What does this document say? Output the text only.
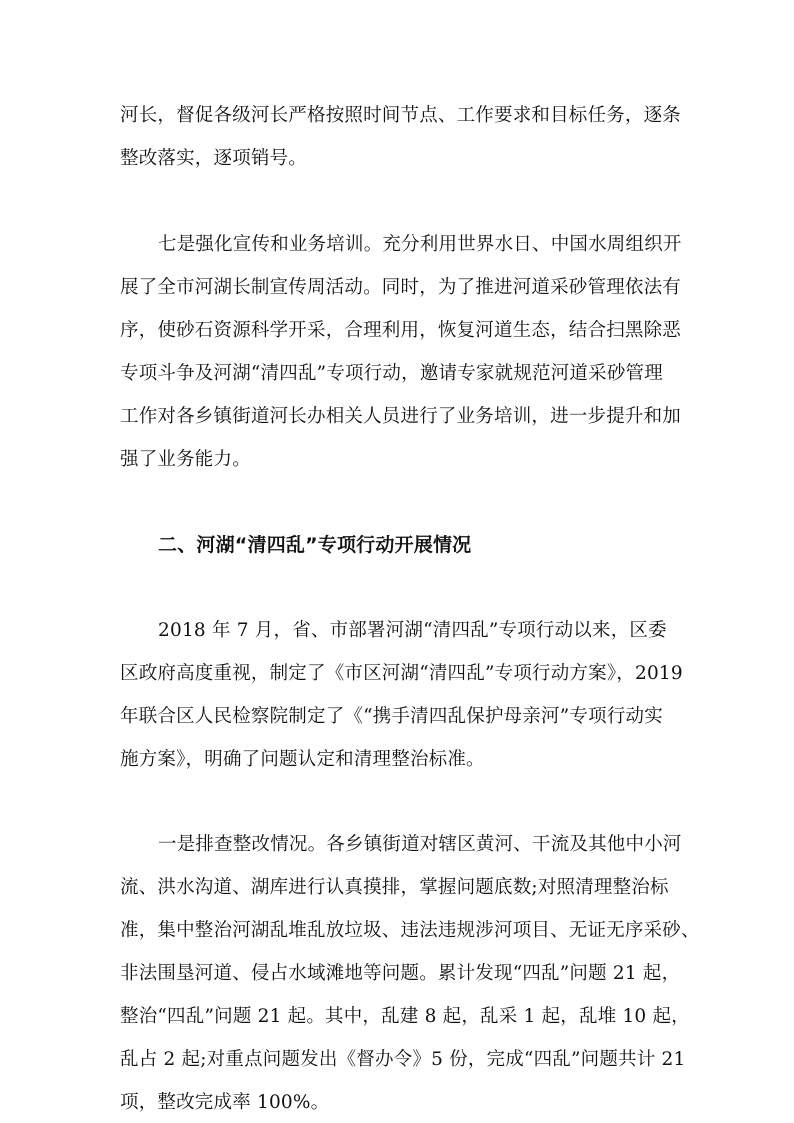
河长，督促各级河长严格按照时间节点、工作要求和目标任务，逐条
整改落实，逐项销号。
七是强化宣传和业务培训。充分利用世界水日、中国水周组织开
展了全市河湖长制宣传周活动。同时，为了推进河道采砂管理依法有
序，使砂石资源科学开采，合理利用，恢复河道生态，结合扫黑除恶
专项斗争及河湖“清四乱”专项行动，邀请专家就规范河道采砂管理
工作对各乡镇街道河长办相关人员进行了业务培训，进一步提升和加
强了业务能力。
二、河湖“清四乱”专项行动开展情况
2018 年 7 月，省、市部署河湖“清四乱”专项行动以来，区委
区政府高度重视，制定了《市区河湖“清四乱”专项行动方案》，2019
年联合区人民检察院制定了《“携手清四乱保护母亲河”专项行动实
施方案》，明确了问题认定和清理整治标准。
一是排查整改情况。各乡镇街道对辖区黄河、干流及其他中小河
流、洪水沟道、湖库进行认真摸排，掌握问题底数;对照清理整治标
准，集中整治河湖乱堆乱放垃圾、违法违规涉河项目、无证无序采砂、
非法围垦河道、侵占水域滩地等问题。累计发现“四乱”问题 21 起，
整治“四乱”问题 21 起。其中，乱建 8 起，乱采 1 起，乱堆 10 起，
乱占 2 起;对重点问题发出《督办令》5 份，完成“四乱”问题共计 21
项，整改完成率 100%。
